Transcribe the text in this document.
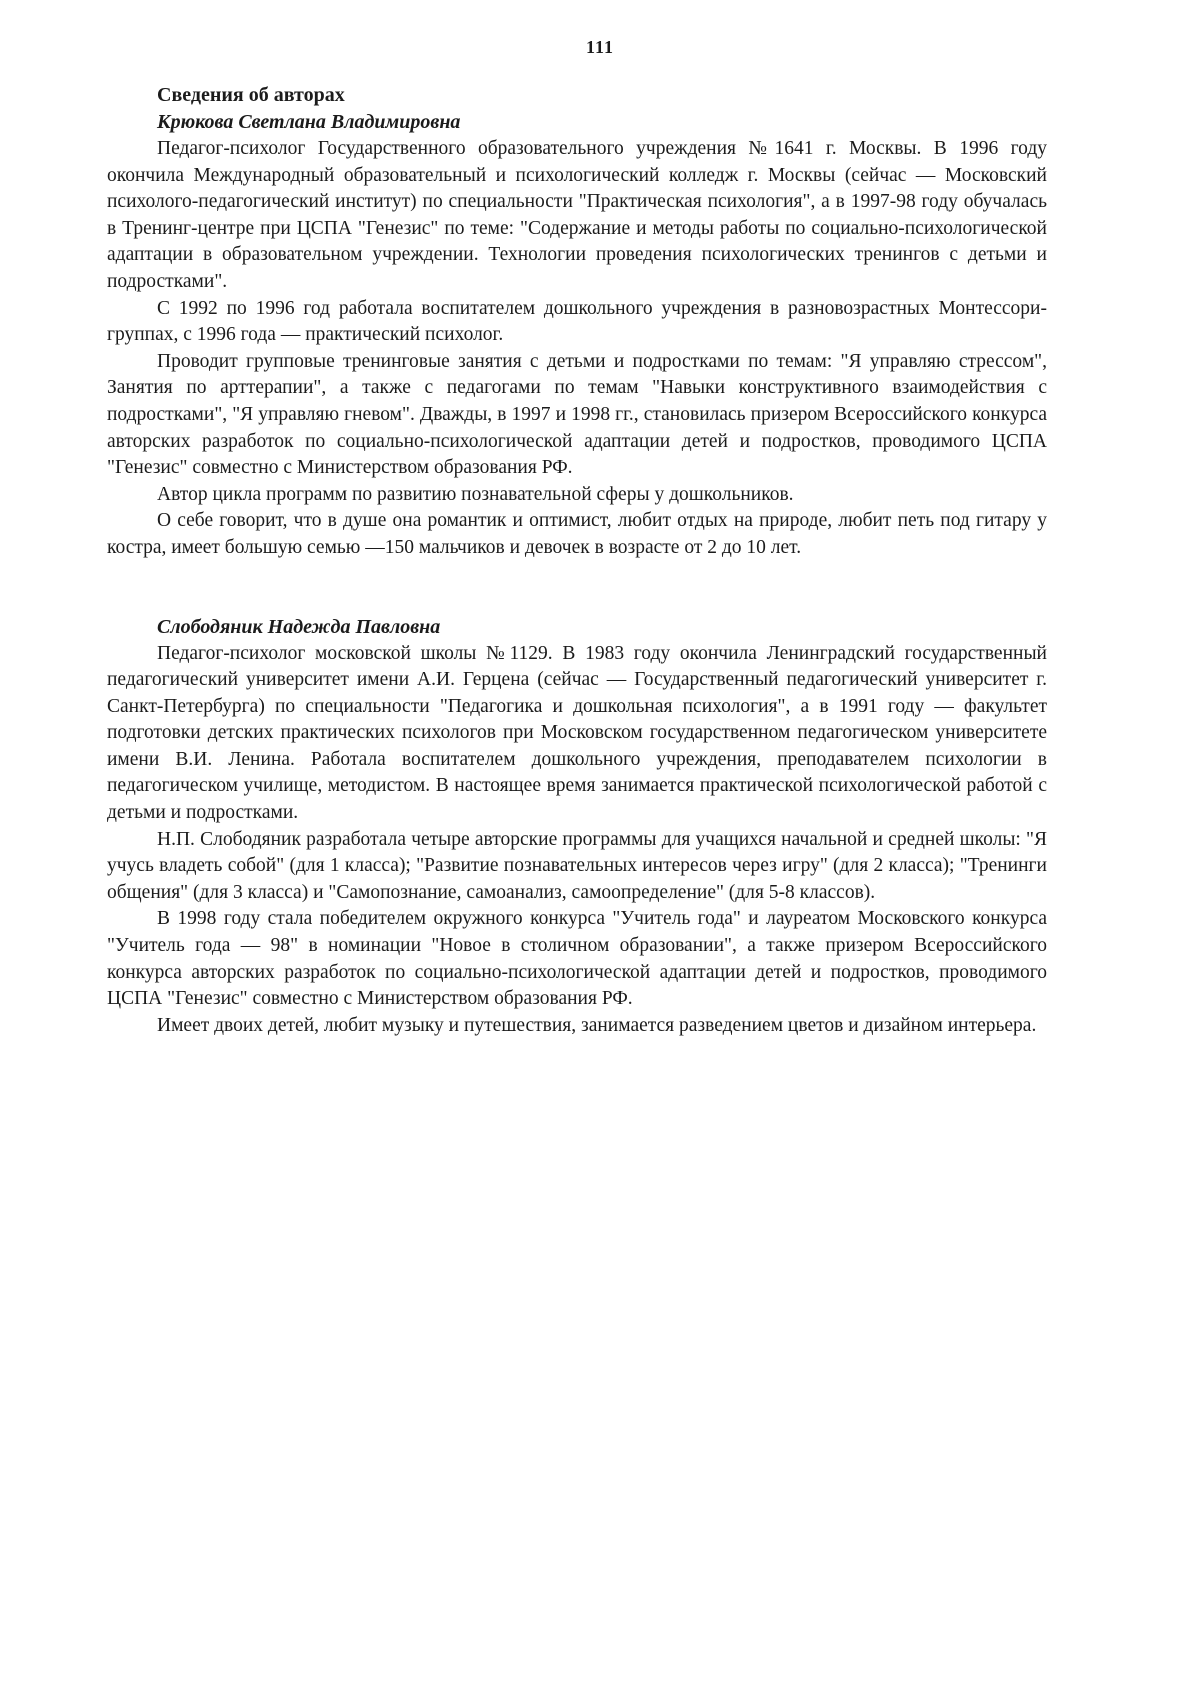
111
Сведения об авторах
Крюкова Светлана Владимировна

Педагог-психолог Государственного образовательного учреждения №1641 г. Москвы. В 1996 году окончила Международный образовательный и психологический колледж г. Москвы (сейчас — Московский психолого-педагогический институт) по специальности "Практическая психология", а в 1997-98 году обучалась в Тренинг-центре при ЦСПА "Генезис" по теме: "Содержание и методы работы по социально-психологической адаптации в образовательном учреждении. Технологии проведения психологических тренингов с детьми и подростками".

С 1992 по 1996 год работала воспитателем дошкольного учреждения в разновозрастных Монтессори-группах, с 1996 года — практический психолог.

Проводит групповые тренинговые занятия с детьми и подростками по темам: "Я управляю стрессом", Занятия по арттерапии", а также с педагогами по темам "Навыки конструктивного взаимодействия с подростками", "Я управляю гневом". Дважды, в 1997 и 1998 гг., становилась призером Всероссийского конкурса авторских разработок по социально-психологической адаптации детей и подростков, проводимого ЦСПА "Генезис" совместно с Министерством образования РФ.

Автор цикла программ по развитию познавательной сферы у дошкольников.

О себе говорит, что в душе она романтик и оптимист, любит отдых на природе, любит петь под гитару у костра, имеет большую семью —150 мальчиков и девочек в возрасте от 2 до 10 лет.

Слободяник Надежда Павловна

Педагог-психолог московской школы №1129. В 1983 году окончила Ленинградский государственный педагогический университет имени А.И. Герцена (сейчас — Государственный педагогический университет г. Санкт-Петербурга) по специальности "Педагогика и дошкольная психология", а в 1991 году — факультет подготовки детских практических психологов при Московском государственном педагогическом университете имени В.И. Ленина. Работала воспитателем дошкольного учреждения, преподавателем психологии в педагогическом училище, методистом. В настоящее время занимается практической психологической работой с детьми и подростками.

Н.П. Слободяник разработала четыре авторские программы для учащихся начальной и средней школы: "Я учусь владеть собой" (для 1 класса); "Развитие познавательных интересов через игру" (для 2 класса); "Тренинги общения" (для 3 класса) и "Самопознание, самоанализ, самоопределение" (для 5-8 классов).

В 1998 году стала победителем окружного конкурса "Учитель года" и лауреатом Московского конкурса "Учитель года — 98" в номинации "Новое в столичном образовании", а также призером Всероссийского конкурса авторских разработок по социально-психологической адаптации детей и подростков, проводимого ЦСПА "Генезис" совместно с Министерством образования РФ.

Имеет двоих детей, любит музыку и путешествия, занимается разведением цветов и дизайном интерьера.
